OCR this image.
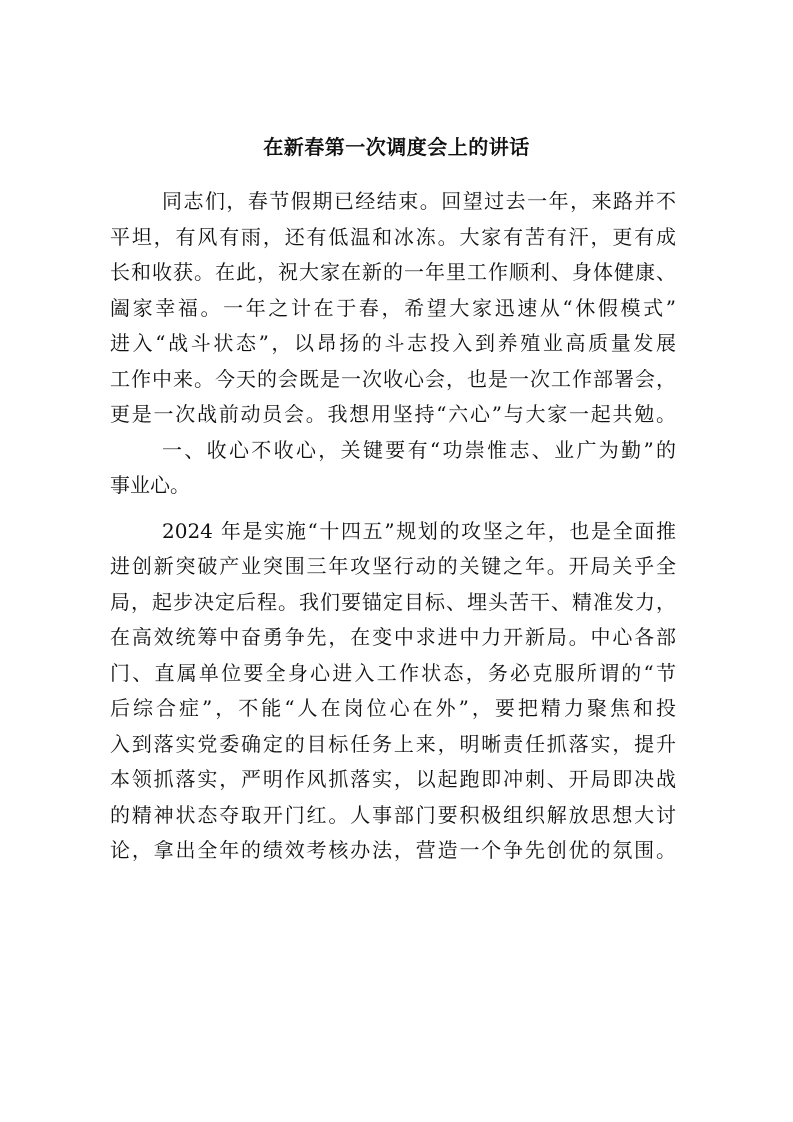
在新春第一次调度会上的讲话
同志们，春节假期已经结束。回望过去一年，来路并不
平坦，有风有雨，还有低温和冰冻。大家有苦有汗，更有成
长和收获。在此，祝大家在新的一年里工作顺利、身体健康、
阖家幸福。一年之计在于春，希望大家迅速从“休假模式”
进入“战斗状态”，以昂扬的斗志投入到养殖业高质量发展
工作中来。今天的会既是一次收心会，也是一次工作部署会，
更是一次战前动员会。我想用坚持“六心”与大家一起共勉。
一、收心不收心，关键要有“功崇惟志、业广为勤”的
事业心。
2024 年是实施“十四五”规划的攻坚之年，也是全面推
进创新突破产业突围三年攻坚行动的关键之年。开局关乎全
局，起步决定后程。我们要锚定目标、埋头苦干、精准发力，
在高效统筹中奋勇争先，在变中求进中力开新局。中心各部
门、直属单位要全身心进入工作状态，务必克服所谓的“节
后综合症”，不能“人在岗位心在外”，要把精力聚焦和投
入到落实党委确定的目标任务上来，明晰责任抓落实，提升
本领抓落实，严明作风抓落实，以起跑即冲刺、开局即决战
的精神状态夺取开门红。人事部门要积极组织解放思想大讨
论，拿出全年的绩效考核办法，营造一个争先创优的氛围。
